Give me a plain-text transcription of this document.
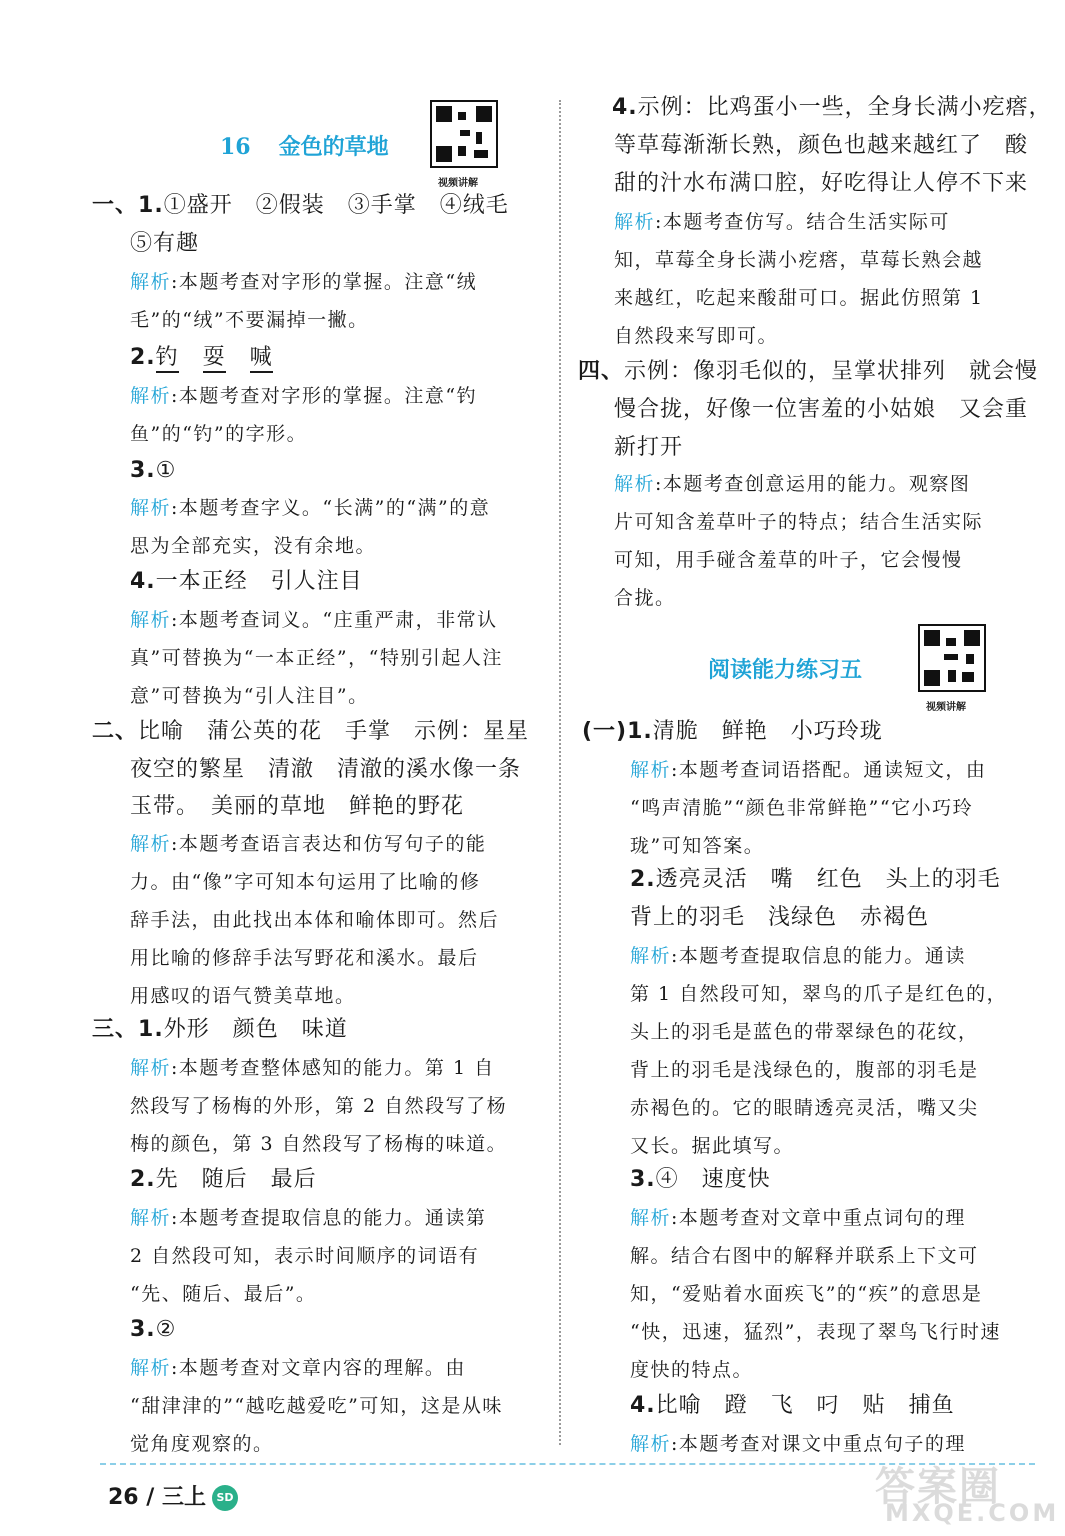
16 金色的草地
视频讲解
一、1.①盛开　②假装　③手掌　④绒毛
⑤有趣
解析:本题考查对字形的掌握。注意“绒
毛”的“绒”不要漏掉一撇。
2.钓 耍 喊
解析:本题考查对字形的掌握。注意“钓
鱼”的“钓”的字形。
3.①
解析:本题考查字义。“长满”的“满”的意
思为全部充实，没有余地。
4.一本正经　引人注目
解析:本题考查词义。“庄重严肃，非常认
真”可替换为“一本正经”，“特别引起人注
意”可替换为“引人注目”。
二、比喻　蒲公英的花　手掌　示例：星星
夜空的繁星　清澈　清澈的溪水像一条
玉带。　美丽的草地　鲜艳的野花
解析:本题考查语言表达和仿写句子的能
力。由“像”字可知本句运用了比喻的修
辞手法，由此找出本体和喻体即可。然后
用比喻的修辞手法写野花和溪水。最后
用感叹的语气赞美草地。
三、1.外形　颜色　味道
解析:本题考查整体感知的能力。第 1 自
然段写了杨梅的外形，第 2 自然段写了杨
梅的颜色，第 3 自然段写了杨梅的味道。
2.先　随后　最后
解析:本题考查提取信息的能力。通读第
2 自然段可知，表示时间顺序的词语有
“先、随后、最后”。
3.②
解析:本题考查对文章内容的理解。由
“甜津津的”“越吃越爱吃”可知，这是从味
觉角度观察的。
4.示例：比鸡蛋小一些，全身长满小疙瘩，
等草莓渐渐长熟，颜色也越来越红了　酸
甜的汁水布满口腔，好吃得让人停不下来
解析:本题考查仿写。结合生活实际可
知，草莓全身长满小疙瘩，草莓长熟会越
来越红，吃起来酸甜可口。据此仿照第 1
自然段来写即可。
四、示例：像羽毛似的，呈掌状排列　就会慢
慢合拢，好像一位害羞的小姑娘　又会重
新打开
解析:本题考查创意运用的能力。观察图
片可知含羞草叶子的特点；结合生活实际
可知，用手碰含羞草的叶子，它会慢慢
合拢。
阅读能力练习五
视频讲解
(一)1.清脆　鲜艳　小巧玲珑
解析:本题考查词语搭配。通读短文，由
“鸣声清脆”“颜色非常鲜艳”“它小巧玲
珑”可知答案。
2.透亮灵活　嘴　红色　头上的羽毛
背上的羽毛　浅绿色　赤褐色
解析:本题考查提取信息的能力。通读
第 1 自然段可知，翠鸟的爪子是红色的，
头上的羽毛是蓝色的带翠绿色的花纹，
背上的羽毛是浅绿色的，腹部的羽毛是
赤褐色的。它的眼睛透亮灵活，嘴又尖
又长。据此填写。
3.④　速度快
解析:本题考查对文章中重点词句的理
解。结合右图中的解释并联系上下文可
知，“爱贴着水面疾飞”的“疾”的意思是
“快，迅速，猛烈”，表现了翠鸟飞行时速
度快的特点。
4.比喻　蹬　飞　叼　贴　捕鱼
解析:本题考查对课文中重点句子的理
26 / 三上 SD	答案圈
MXQE.COM
